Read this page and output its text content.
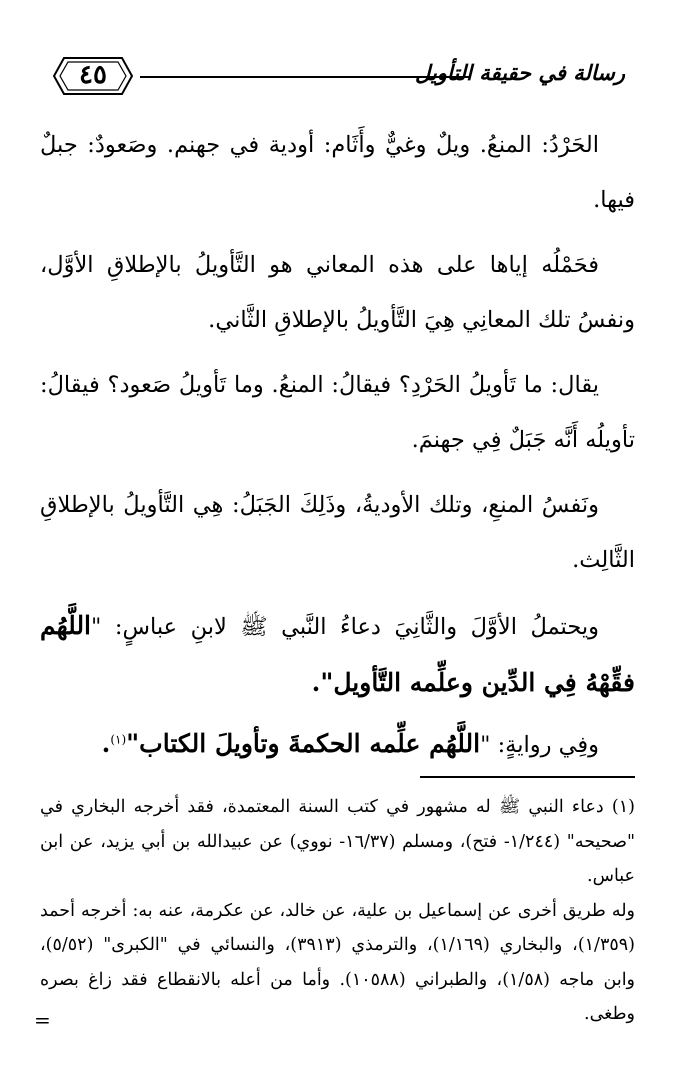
٤٥	رسالة في حقيقة التأويل

الحَرْدُ: المنعُ. ويلٌ وغيٌّ وأَثَام: أودية في جهنم. وصَعودٌ: جبلٌ فيها.

فحَمْلُه إياها على هذه المعاني هو التَّأويلُ بالإطلاقِ الأوَّل، ونفسُ تلك المعانِي هِيَ التَّأويلُ بالإطلاقِ الثَّاني.

يقال: ما تَأويلُ الحَرْدِ؟ فيقالُ: المنعُ. وما تَأويلُ صَعود؟ فيقالُ: تأويلُه أَنَّه جَبَلٌ فِي جهنمَ.

ونَفسُ المنعِ، وتلك الأوديةُ، وذَلِكَ الجَبَلُ: هِي التَّأويلُ بالإطلاقِ الثَّالِث.

ويحتملُ الأوَّلَ والثَّانِيَ دعاءُ النَّبي ﷺ لابنِ عباسٍ: "اللَّهُم فقِّهْهُ فِي الدِّين وعلِّمه التَّأويل".

وفِي روايةٍ: "اللَّهُم علِّمه الحكمةَ وتأويلَ الكتاب"$^{(١)}$.

(١) دعاء النبي ﷺ له مشهور في كتب السنة المعتمدة، فقد أخرجه البخاري في "صحيحه" (١/٢٤٤- فتح)، ومسلم (١٦/٣٧- نووي) عن عبيدالله بن أبي يزيد، عن ابن عباس.

وله طريق أخرى عن إسماعيل بن علية، عن خالد، عن عكرمة، عنه به: أخرجه أحمد (١/٣٥٩)، والبخاري (١/١٦٩)، والترمذي (٣٩١٣)، والنسائي في "الكبرى" (٥/٥٢)، وابن ماجه (١/٥٨)، والطبراني (١٠٥٨٨). وأما من أعله بالانقطاع فقد زاغ بصره وطغى.

=
